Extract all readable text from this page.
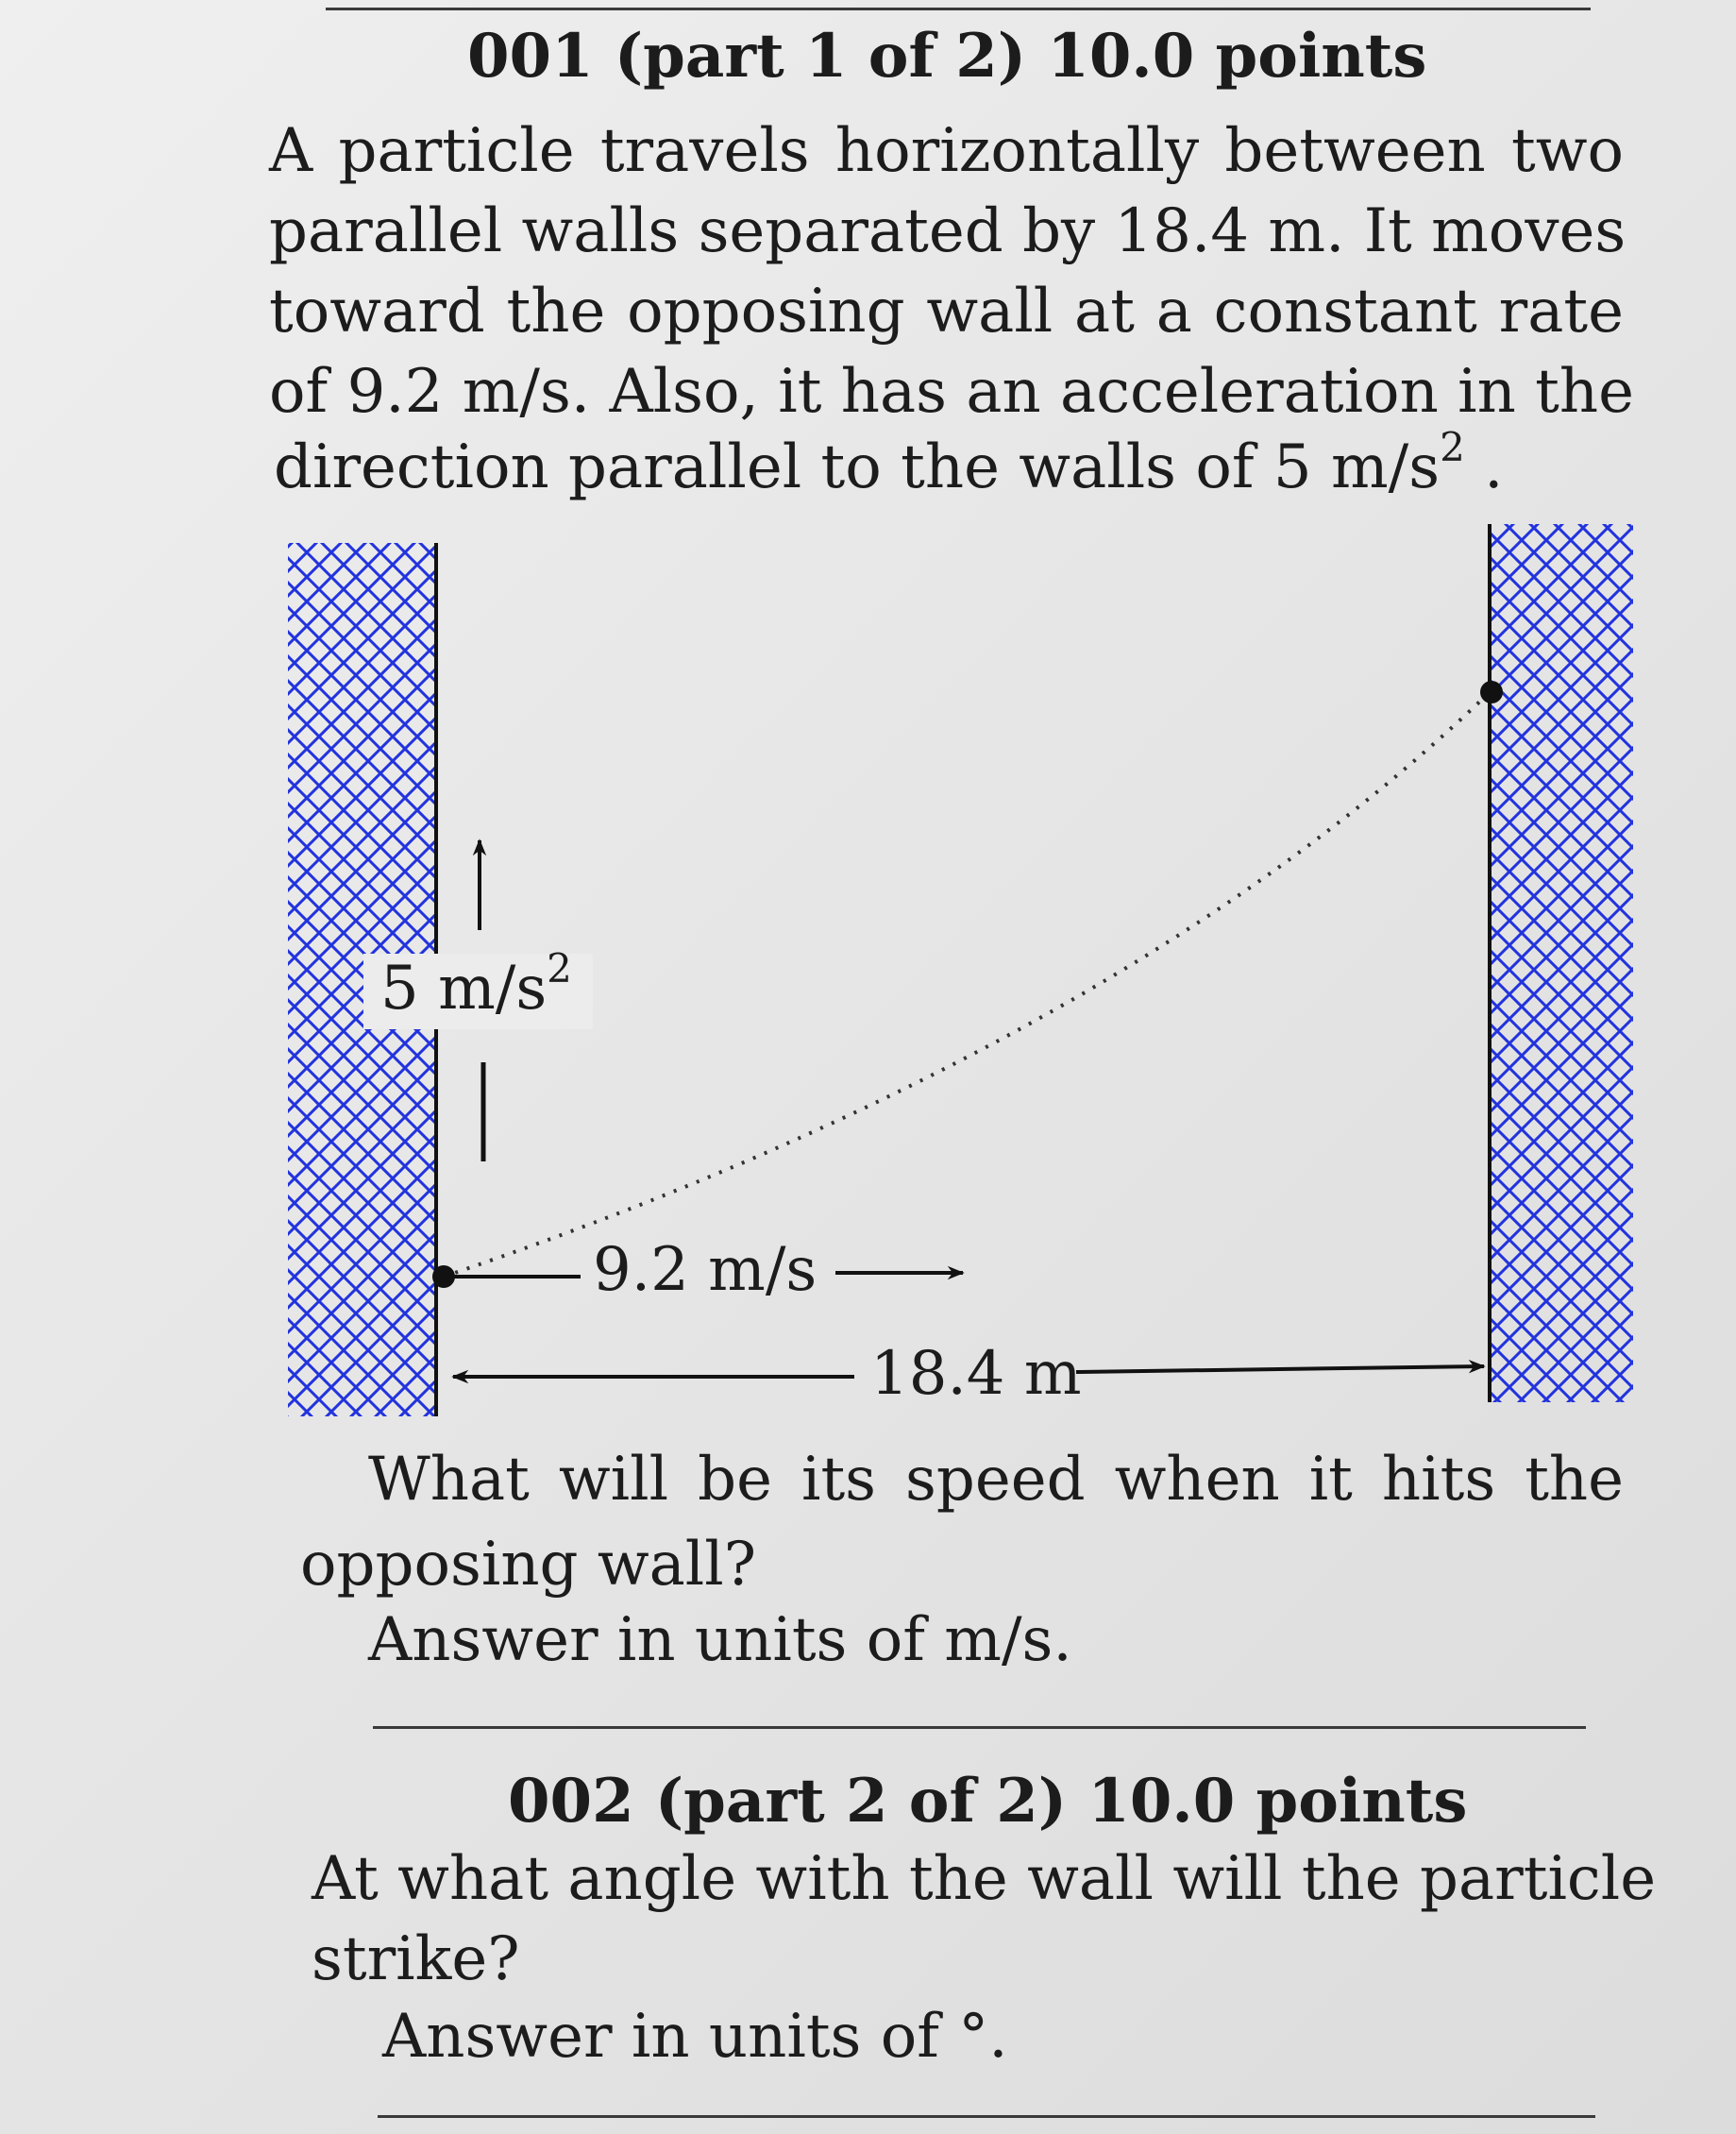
001 (part 1 of 2) 10.0 points
A particle travels horizontally between two
parallel walls separated by 18.4 m. It moves
toward the opposing wall at a constant rate
of 9.2 m/s. Also, it has an acceleration in the
direction parallel to the walls of 5 $m/s^2$ .
5 $m/s^2$
9.2 m/s
18.4 m
What will be its speed when it hits the
opposing wall?
Answer in units of m/s.
002 (part 2 of 2) 10.0 points
At what angle with the wall will the particle
strike?
Answer in units of °.
